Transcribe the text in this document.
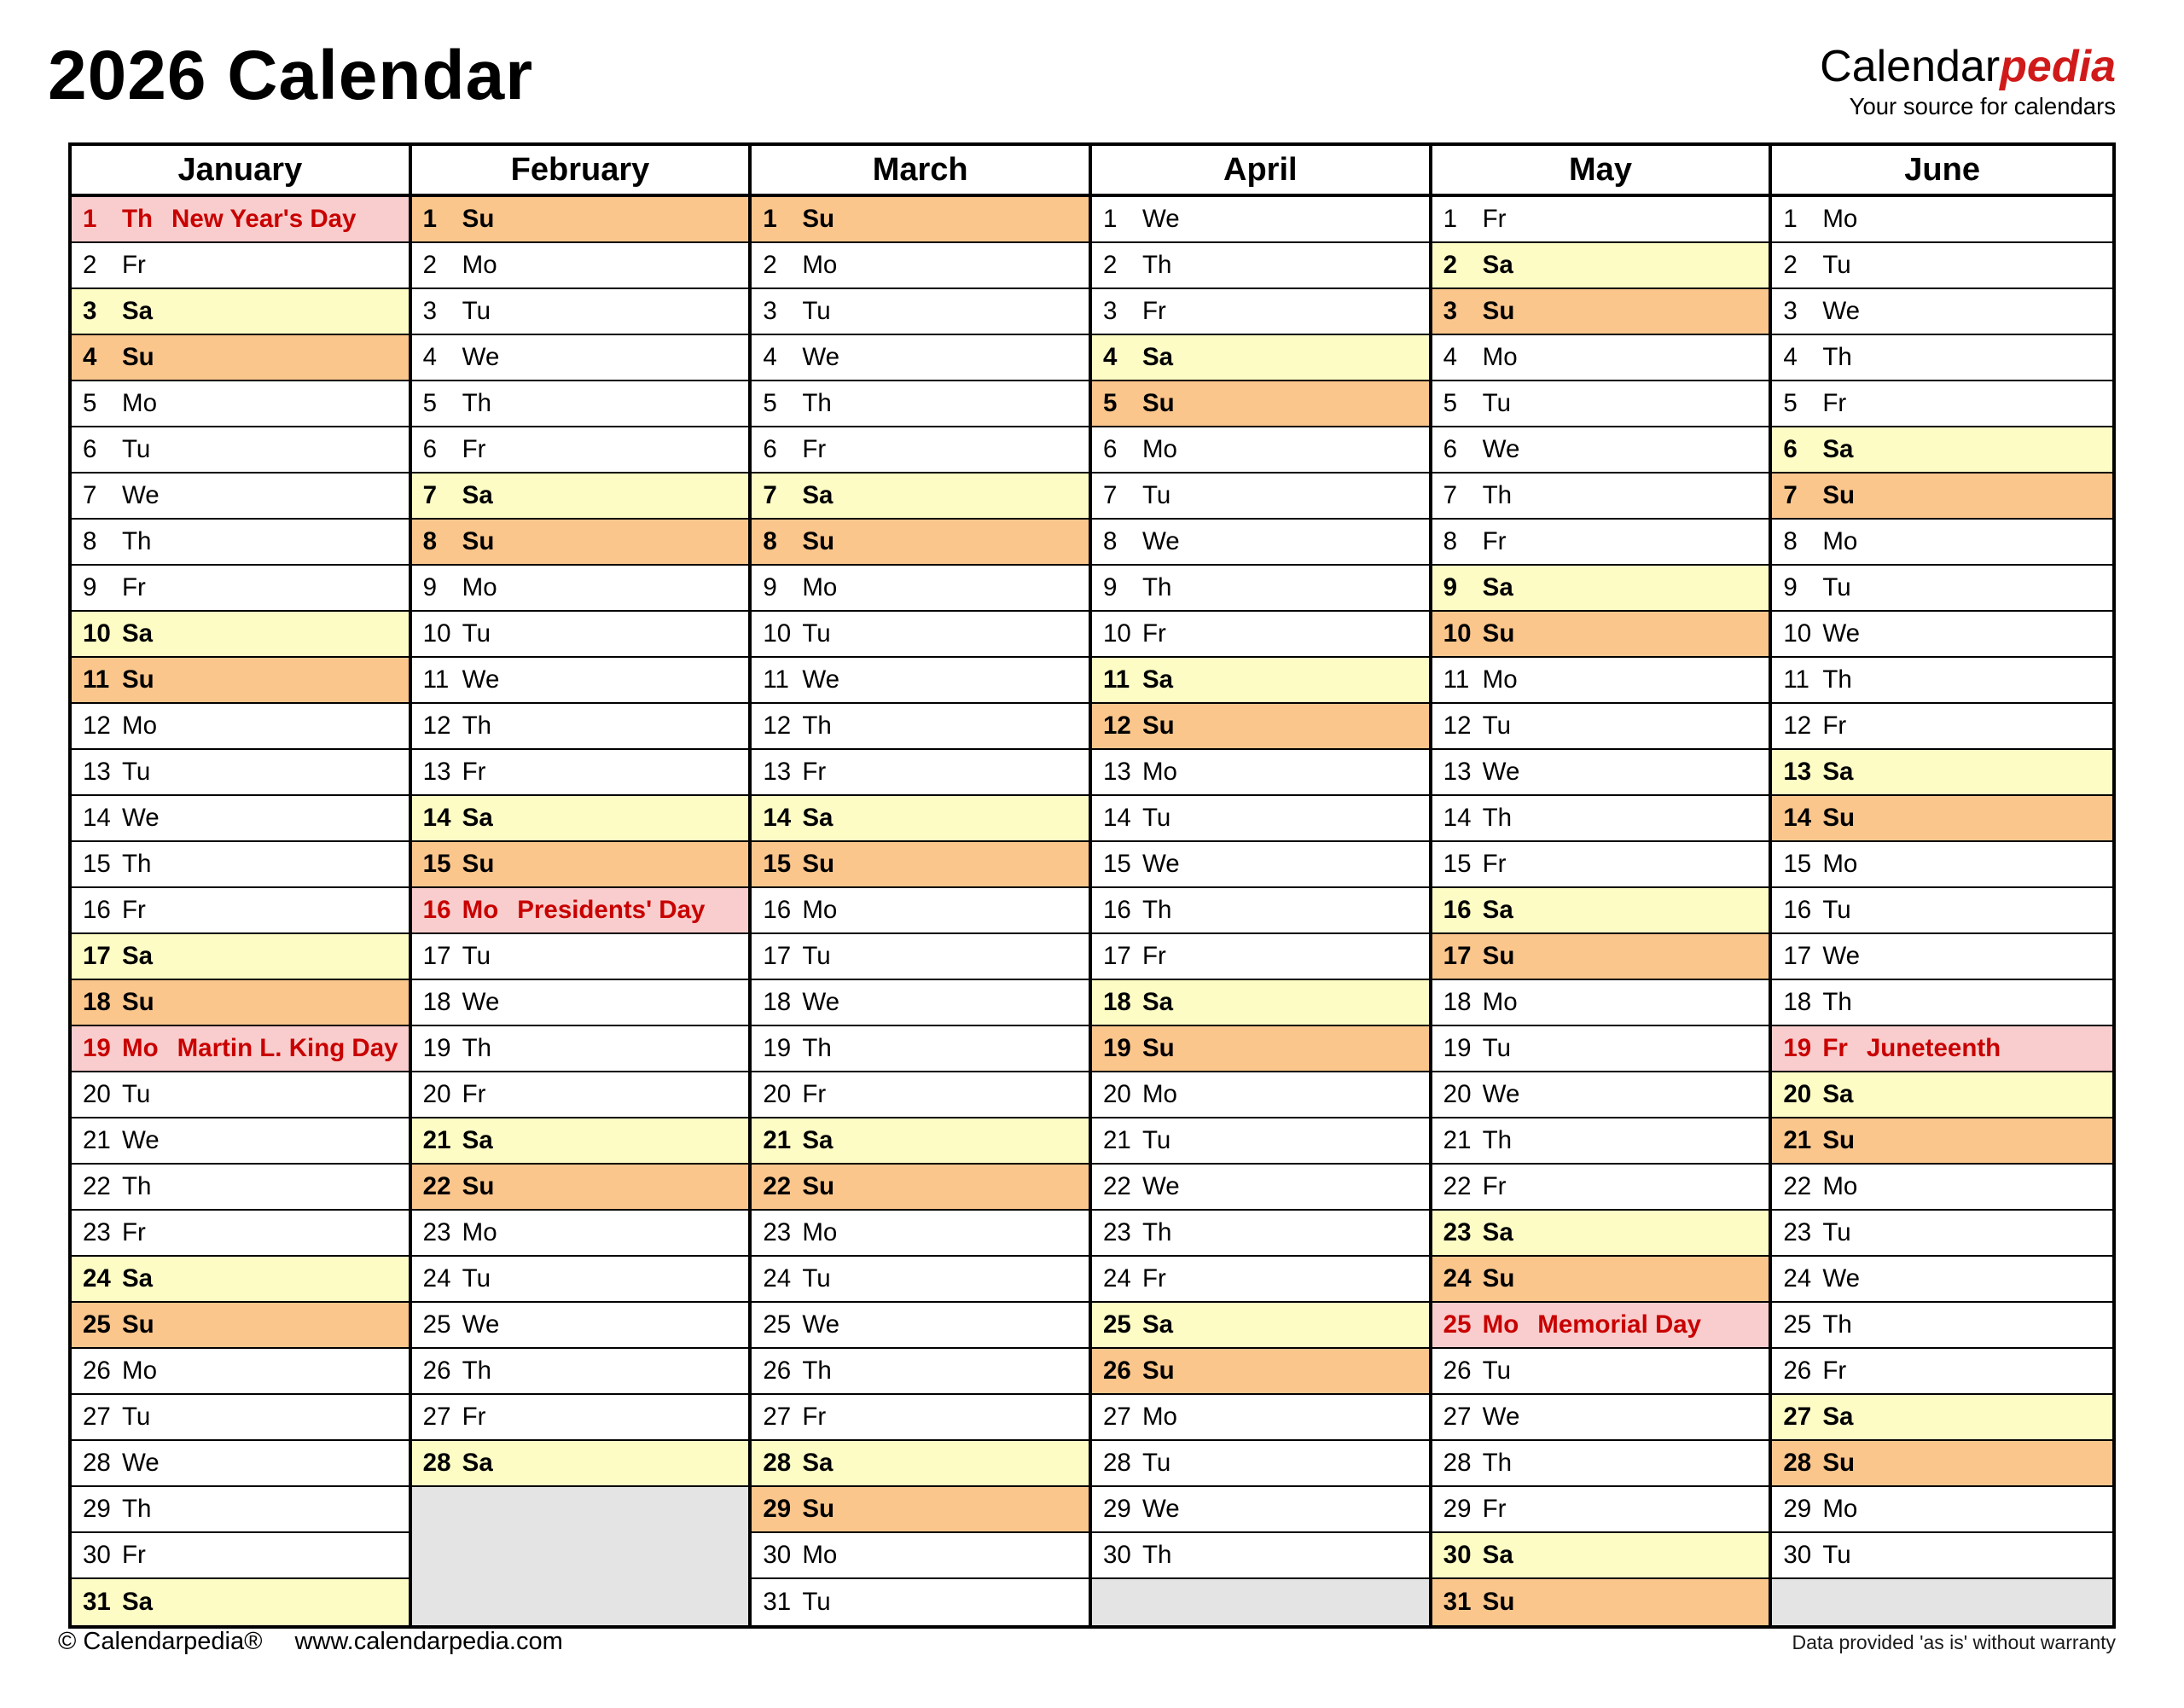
2026 Calendar	Calendarpedia
Your source for calendars
January
1	Th New Year's Day
2	Fr
3	Sa
4	Su
5	Mo
6	Tu
7	We
8	Th
9	Fr
10 Sa
11 Su
12 Mo
13 Tu
14 We
15 Th
16 Fr
17 Sa
18 Su
19 Mo Martin L. King Day
20 Tu
21 We
22 Th
23 Fr
24 Sa
25 Su
26 Mo
27 Tu
28 We
29 Th
30 Fr
31 Sa
February
1	Su
2	Mo
3	Tu
4	We
5	Th
6	Fr
7	Sa
8	Su
9	Mo
10 Tu
11 We
12 Th
13 Fr
14 Sa
15 Su
16 Mo Presidents' Day
17 Tu
18 We
19 Th
20 Fr
21 Sa
22 Su
23 Mo
24 Tu
25 We
26 Th
27 Fr
28 Sa
March
1	Su
2	Mo
3	Tu
4	We
5	Th
6	Fr
7	Sa
8	Su
9	Mo
10 Tu
11 We
12 Th
13 Fr
14 Sa
15 Su
16 Mo
17 Tu
18 We
19 Th
20 Fr
21 Sa
22 Su
23 Mo
24 Tu
25 We
26 Th
27 Fr
28 Sa
29 Su
30 Mo
31 Tu
April
1	We
2	Th
3	Fr
4	Sa
5	Su
6	Mo
7	Tu
8	We
9	Th
10 Fr
11 Sa
12 Su
13 Mo
14 Tu
15 We
16 Th
17 Fr
18 Sa
19 Su
20 Mo
21 Tu
22 We
23 Th
24 Fr
25 Sa
26 Su
27 Mo
28 Tu
29 We
30 Th
May
1	Fr
2	Sa
3	Su
4	Mo
5	Tu
6	We
7	Th
8	Fr
9	Sa
10 Su
11 Mo
12 Tu
13 We
14 Th
15 Fr
16 Sa
17 Su
18 Mo
19 Tu
20 We
21 Th
22 Fr
23 Sa
24 Su
25 Mo Memorial Day
26 Tu
27 We
28 Th
29 Fr
30 Sa
31 Su
June
1	Mo
2	Tu
3	We
4	Th
5	Fr
6	Sa
7	Su
8	Mo
9	Tu
10 We
11 Th
12 Fr
13 Sa
14 Su
15 Mo
16 Tu
17 We
18 Th
19 Fr Juneteenth
20 Sa
21 Su
22 Mo
23 Tu
24 We
25 Th
26 Fr
27 Sa
28 Su
29 Mo
30 Tu
© Calendarpedia® www.calendarpedia.com	Data provided 'as is' without warranty
